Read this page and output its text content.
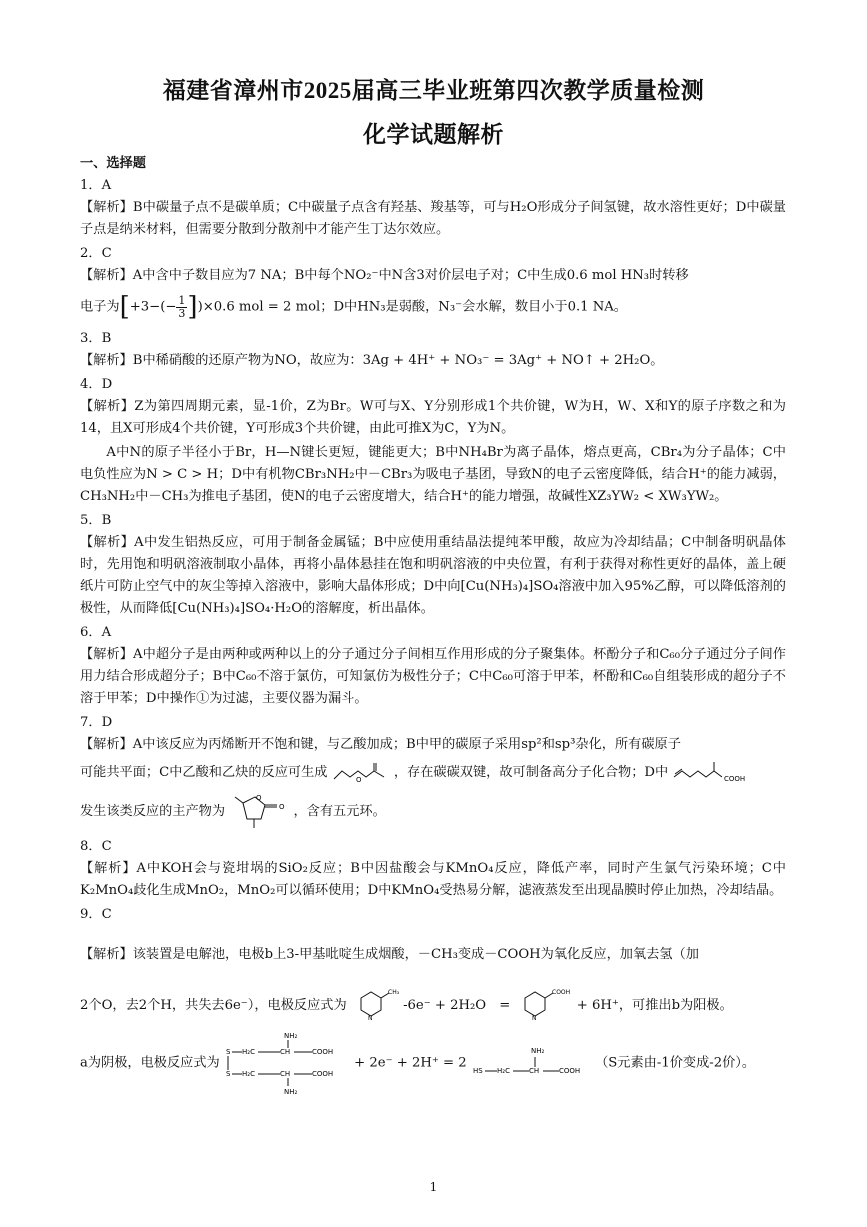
福建省漳州市2025届高三毕业班第四次教学质量检测
化学试题解析

一、选择题

1．A

【解析】B中碳量子点不是碳单质；C中碳量子点含有羟基、羧基等，可与H₂O形成分子间氢键，故水溶性更好；D中碳量子点是纳米材料，但需要分散到分散剂中才能产生丁达尔效应。

2．C

【解析】A中含中子数目应为7 NA；B中每个NO₂⁻中N含3对价层电子对；C中生成0.6 mol HN₃时转移

电子为$[+3-(- \frac{1}{3} ])\times 0.6$ mol = 2 mol；D中HN₃是弱酸，N₃⁻会水解，数目小于0.1 NA。

3．B

【解析】B中稀硝酸的还原产物为NO，故应为：3Ag + 4H⁺ + NO₃⁻ = 3Ag⁺ + NO↑ + 2H₂O。

4．D

【解析】Z为第四周期元素，显-1价，Z为Br。W可与X、Y分别形成1个共价键，W为H，W、X和Y的原子序数之和为14，且X可形成4个共价键，Y可形成3个共价键，由此可推X为C，Y为N。

A中N的原子半径小于Br，H—N键长更短，键能更大；B中NH₄Br为离子晶体，熔点更高，CBr₄为分子晶体；C中电负性应为N > C > H；D中有机物CBr₃NH₂中－CBr₃为吸电子基团，导致N的电子云密度降低，结合H⁺的能力减弱，CH₃NH₂中－CH₃为推电子基团，使N的电子云密度增大，结合H⁺的能力增强，故碱性XZ₃YW₂ < XW₃YW₂。

5．B

【解析】A中发生铝热反应，可用于制备金属锰；B中应使用重结晶法提纯苯甲酸，故应为冷却结晶；C中制备明矾晶体时，先用饱和明矾溶液制取小晶体，再将小晶体悬挂在饱和明矾溶液的中央位置，有利于获得对称性更好的晶体，盖上硬纸片可防止空气中的灰尘等掉入溶液中，影响大晶体形成；D中向[Cu(NH₃)₄]SO₄溶液中加入95%乙醇，可以降低溶剂的极性，从而降低[Cu(NH₃)₄]SO₄·H₂O的溶解度，析出晶体。

6．A

【解析】A中超分子是由两种或两种以上的分子通过分子间相互作用形成的分子聚集体。杯酚分子和C₆₀分子通过分子间作用力结合形成超分子；B中C₆₀不溶于氯仿，可知氯仿为极性分子；C中C₆₀可溶于甲苯，杯酚和C₆₀自组装形成的超分子不溶于甲苯；D中操作①为过滤，主要仪器为漏斗。

7．D

【解析】A中该反应为丙烯断开不饱和键，与乙酸加成；B中甲的碳原子采用sp²和sp³杂化，所有碳原子

可能共平面；C中乙酸和乙炔的反应可生成
O
，存在碳碳双键，故可制备高分子化合物；D中	COOH

发生该类反应的主产物为
O
O ，含有五元环。

8．C

【解析】A中KOH会与瓷坩埚的SiO₂反应；B中因盐酸会与KMnO₄反应，降低产率，同时产生氯气污染环境；C中K₂MnO₄歧化生成MnO₂，MnO₂可以循环使用；D中KMnO₄受热易分解，滤液蒸发至出现晶膜时停止加热，冷却结晶。

9．C

【解析】该装置是电解池，电极b上3-甲基吡啶生成烟酸，－CH₃变成－COOH为氧化反应，加氧去氢（加

2个O，去2个H，共失去6e⁻），电极反应式为
CH₃
N
-6e⁻ + 2H₂O　=
COOH
N
+ 6H⁺，可推出b为阳极。

a为阴极，电极反应式为
NH₂
S H₂C	CH	COOH
S H₂C	CH	COOH
NH₂
+ 2e⁻ + 2H⁺ = 2
HS H₂C	CH	COOH
NH₂
（S元素由-1价变成-2价）。

1
